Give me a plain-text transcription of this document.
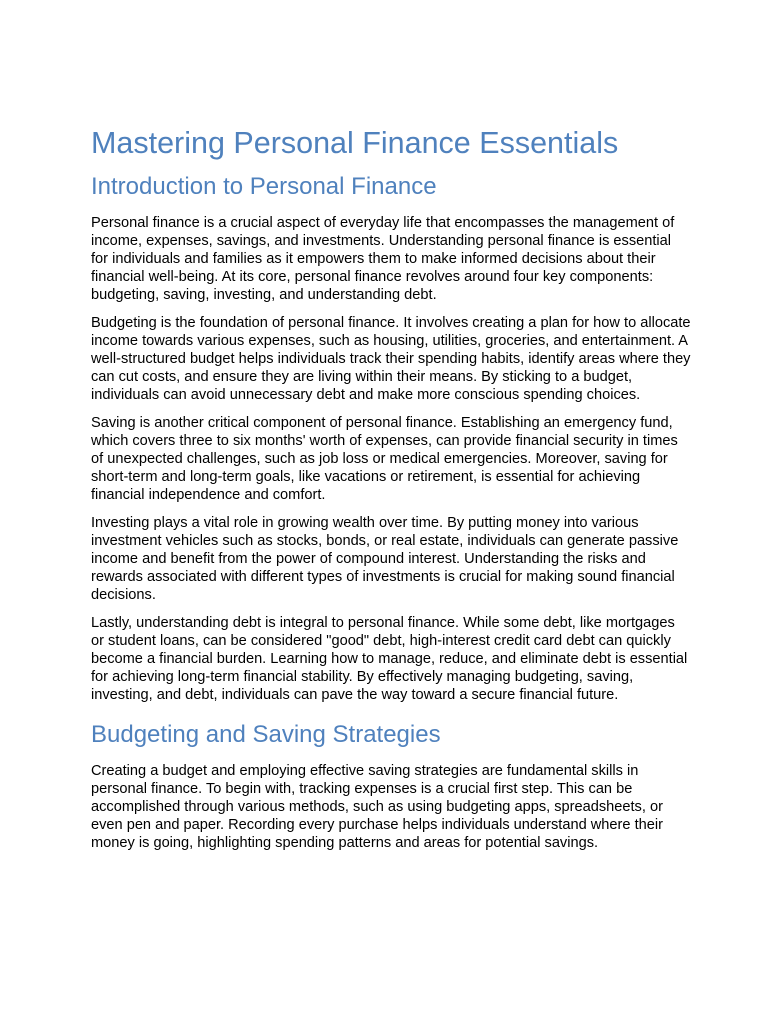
Mastering Personal Finance Essentials
Introduction to Personal Finance

Personal finance is a crucial aspect of everyday life that encompasses the management of income, expenses, savings, and investments. Understanding personal finance is essential for individuals and families as it empowers them to make informed decisions about their financial well-being. At its core, personal finance revolves around four key components: budgeting, saving, investing, and understanding debt.

Budgeting is the foundation of personal finance. It involves creating a plan for how to allocate income towards various expenses, such as housing, utilities, groceries, and entertainment. A well-structured budget helps individuals track their spending habits, identify areas where they can cut costs, and ensure they are living within their means. By sticking to a budget, individuals can avoid unnecessary debt and make more conscious spending choices.

Saving is another critical component of personal finance. Establishing an emergency fund, which covers three to six months' worth of expenses, can provide financial security in times of unexpected challenges, such as job loss or medical emergencies. Moreover, saving for short-term and long-term goals, like vacations or retirement, is essential for achieving financial independence and comfort.

Investing plays a vital role in growing wealth over time. By putting money into various investment vehicles such as stocks, bonds, or real estate, individuals can generate passive income and benefit from the power of compound interest. Understanding the risks and rewards associated with different types of investments is crucial for making sound financial decisions.

Lastly, understanding debt is integral to personal finance. While some debt, like mortgages or student loans, can be considered "good" debt, high-interest credit card debt can quickly become a financial burden. Learning how to manage, reduce, and eliminate debt is essential for achieving long-term financial stability. By effectively managing budgeting, saving, investing, and debt, individuals can pave the way toward a secure financial future.

Budgeting and Saving Strategies

Creating a budget and employing effective saving strategies are fundamental skills in personal finance. To begin with, tracking expenses is a crucial first step. This can be accomplished through various methods, such as using budgeting apps, spreadsheets, or even pen and paper. Recording every purchase helps individuals understand where their money is going, highlighting spending patterns and areas for potential savings.
